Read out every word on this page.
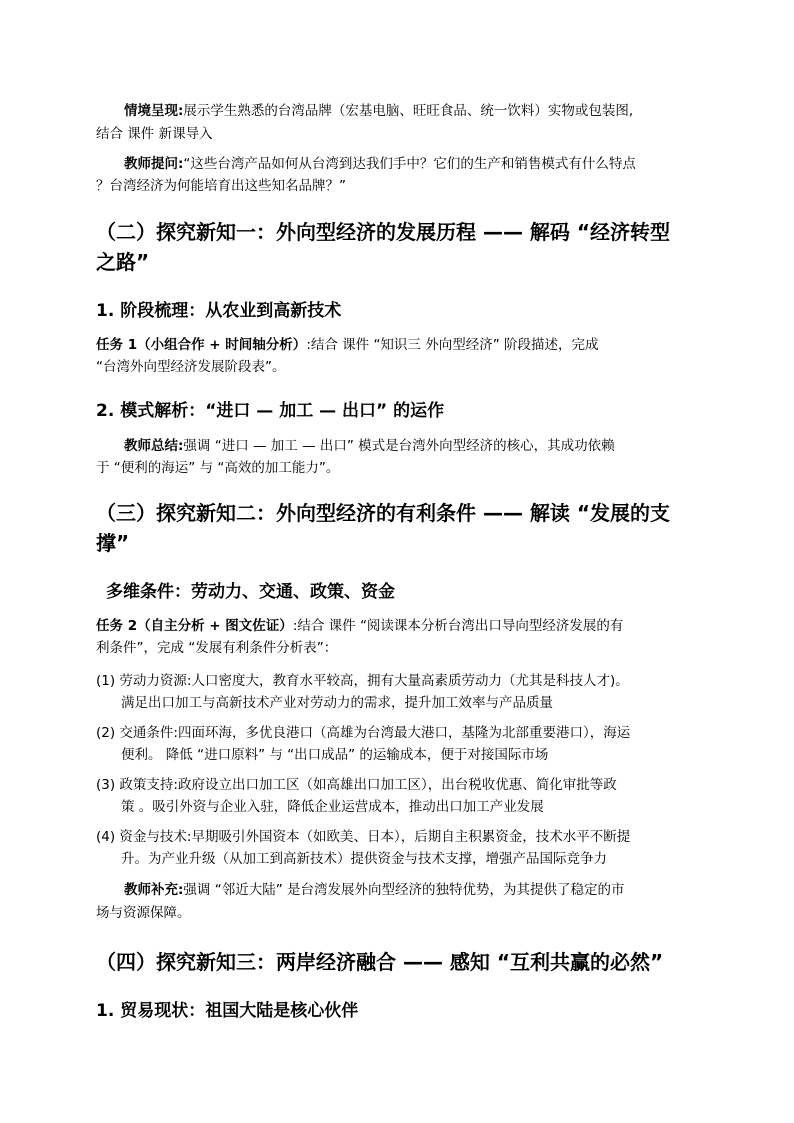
情境呈现:展示学生熟悉的台湾品牌（宏基电脑、旺旺食品、统一饮料）实物或包装图,
结合 课件 新课导入
教师提问:“这些台湾产品如何从台湾到达我们手中？它们的生产和销售模式有什么特点
？台湾经济为何能培育出这些知名品牌？”
（二）探究新知一：外向型经济的发展历程 —— 解码 “经济转型
之路”
1. 阶段梳理：从农业到高新技术
任务 1（小组合作 + 时间轴分析）:结合 课件 “知识三 外向型经济” 阶段描述，完成
“台湾外向型经济发展阶段表”。
2. 模式解析：“进口 — 加工 — 出口” 的运作
教师总结:强调 “进口 — 加工 — 出口” 模式是台湾外向型经济的核心，其成功依赖
于 “便利的海运” 与 “高效的加工能力”。
（三）探究新知二：外向型经济的有利条件 —— 解读 “发展的支
撑”
多维条件：劳动力、交通、政策、资金
任务 2（自主分析 + 图文佐证）:结合 课件 “阅读课本分析台湾出口导向型经济发展的有
利条件”，完成 “发展有利条件分析表”：
(1) 劳动力资源:人口密度大，教育水平较高，拥有大量高素质劳动力（尤其是科技人才)。
满足出口加工与高新技术产业对劳动力的需求，提升加工效率与产品质量
(2) 交通条件:四面环海，多优良港口（高雄为台湾最大港口，基隆为北部重要港口），海运
便利。 降低 “进口原料” 与 “出口成品” 的运输成本，便于对接国际市场
(3) 政策支持:政府设立出口加工区（如高雄出口加工区），出台税收优惠、简化审批等政
策 。吸引外资与企业入驻，降低企业运营成本，推动出口加工产业发展
(4) 资金与技术:早期吸引外国资本（如欧美、日本），后期自主积累资金，技术水平不断提
升。为产业升级（从加工到高新技术）提供资金与技术支撑，增强产品国际竞争力
教师补充:强调 “邻近大陆” 是台湾发展外向型经济的独特优势，为其提供了稳定的市
场与资源保障。
（四）探究新知三：两岸经济融合 —— 感知 “互利共赢的必然”
1. 贸易现状：祖国大陆是核心伙伴
